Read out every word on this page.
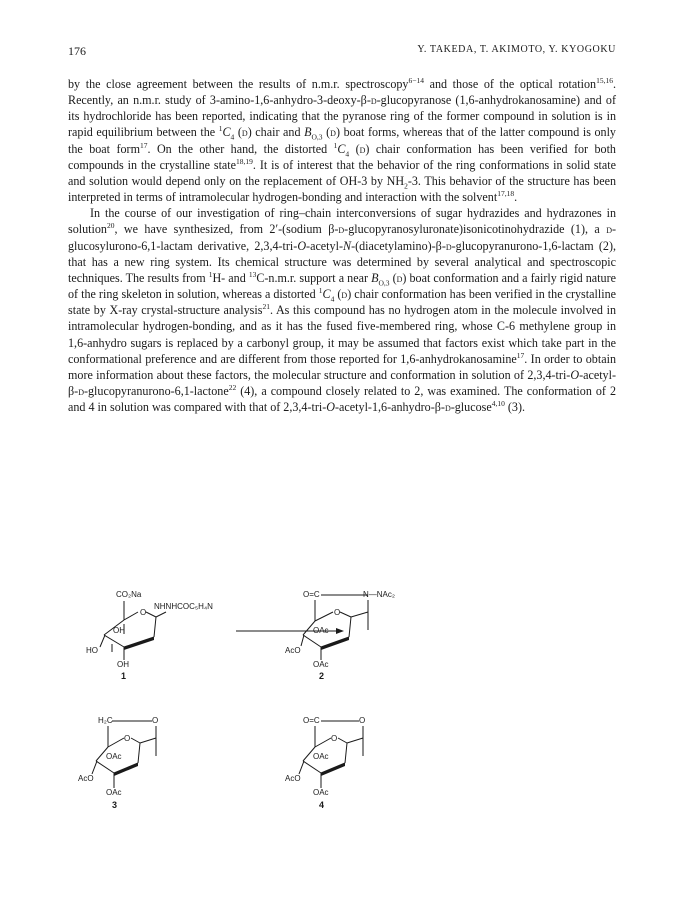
176	Y. TAKEDA, T. AKIMOTO, Y. KYOGOKU

by the close agreement between the results of n.m.r. spectroscopy$^{6-14}$ and those of the optical rotation$^{15,16}$. Recently, an n.m.r. study of 3-amino-1,6-anhydro-3-deoxy-β-d-glucopyranose (1,6-anhydrokanosamine) and of its hydrochloride has been reported, indicating that the pyranose ring of the former compound in solution is in rapid equilibrium between the $^1C_4$ (d) chair and $B_{O,3}$ (d) boat forms, whereas that of the latter compound is only the boat form$^{17}$. On the other hand, the distorted $^1C_4$ (d) chair conformation has been verified for both compounds in the crystalline state$^{18,19}$. It is of interest that the behavior of the ring conformations in solid state and solution would depend only on the replacement of OH-3 by $NH_2-3$. This behavior of the structure has been interpreted in terms of intramolecular hydrogen-bonding and interaction with the solvent$^{17,18}$.

In the course of our investigation of ring–chain interconversions of sugar hydrazides and hydrazones in solution$^{20}$, we have synthesized, from 2′-(sodium β-d-glucopyranosyluronate)isonicotinohydrazide (1), a d-glucosylurono-6,1-lactam derivative, 2,3,4-tri-O-acetyl-N-(diacetylamino)-β-d-glucopyranurono-1,6-lactam (2), that has a new ring system. Its chemical structure was determined by several analytical and spectroscopic techniques. The results from $^1$H- and $^{13}$C-n.m.r. support a near $B_{O,3}$ (d) boat conformation and a fairly rigid nature of the ring skeleton in solution, whereas a distorted $^1C_4$ (d) chair conformation has been verified in the crystalline state by X-ray crystal-structure analysis$^{21}$. As this compound has no hydrogen atom in the molecule involved in intramolecular hydrogen-bonding, and as it has the fused five-membered ring, whose C-6 methylene group in 1,6-anhydro sugars is replaced by a carbonyl group, it may be assumed that factors exist which take part in the conformational preference and are different from those reported for 1,6-anhydrokanosamine$^{17}$. In order to obtain more information about these factors, the molecular structure and conformation in solution of 2,3,4-tri-O-acetyl-β-d-glucopyranurono-6,1-lactone$^{22}$ (4), a compound closely related to 2, was examined. The conformation of 2 and 4 in solution was compared with that of 2,3,4-tri-O-acetyl-1,6-anhydro-β-d-glucose$^{4,10}$ (3).

CO₂Na
O
NHNHCOC₅H₄N
OH
HO
OH
1
O=C	N—NAc₂
O
OAc
AcO
OAc
2
H₂C	O
O
OAc
AcO
OAc
3
O=C	O
O
OAc
AcO
OAc
4
